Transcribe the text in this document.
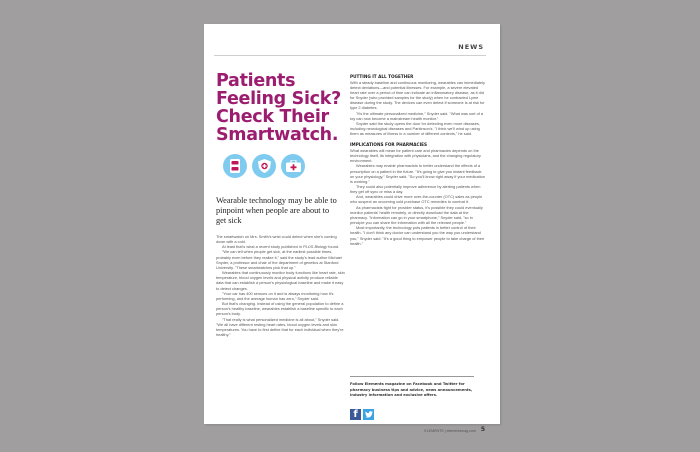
NEWS
Patients
Feeling Sick?
Check Their
Smartwatch.

Wearable technology may be able to pinpoint when people are about to get sick

The smartwatch on Mrs. Smith's wrist could detect when she's coming down with a cold.

At least that's what a recent study published in PLOS Biology found.

"We can tell when people get sick, at the earliest possible times, probably even before they realize it," said the study's lead author Michael Snyder, a professor and chair of the department of genetics at Stanford University. "These smartwatches pick that up."

Wearables that continuously monitor body functions like heart rate, skin temperature, blood oxygen levels and physical activity produce reliable data that can establish a person's physiological baseline and make it easy to detect changes.

"Your car has 400 sensors on it and is always monitoring how it's performing, and the average human has zero," Snyder said.

But that's changing. Instead of using the general population to define a person's healthy baseline, wearables establish a baseline specific to each person's body.

"That really is what personalized medicine is all about," Snyder said. "We all have different resting heart rates, blood oxygen levels and skin temperatures. You have to first define that for each individual when they're healthy."

PUTTING IT ALL TOGETHER

With a steady baseline and continuous monitoring, wearables can immediately detect deviations—and potential illnesses. For example, a severe elevated heart rate over a period of time can indicate an inflammatory disease, as it did for Snyder (who provided samples for the study) when he contracted Lyme disease during the study. The devices can even detect if someone is at risk for type 2 diabetes.

"It's the ultimate personalized medicine," Snyder said. "What was sort of a toy can now become a mainstream health monitor."

Snyder said the study opens the door for detecting even more diseases, including neurological diseases and Parkinson's. "I think we'll wind up using them as measures of illness in a number of different contexts," he said.

IMPLICATIONS FOR PHARMACIES

What wearables will mean for patient care and pharmacies depends on the technology itself, its integration with physicians, and the changing regulatory environment.

Wearables may enable pharmacists to better understand the effects of a prescription on a patient in the future. "It's going to give you instant feedback on your physiology," Snyder said. "So you'll know right away if your medication is working."

They could also potentially improve adherence by alerting patients when they get off sync or miss a day.

And, wearables could drive more over-the-counter (OTC) sales as people who suspect an oncoming cold purchase OTC remedies to combat it.

As pharmacists fight for provider status, it's possible they could eventually monitor patients' health remotely, or directly download the data at the pharmacy. "Information can go in your smartphone," Snyder said, "so in principle you can share the information with all the relevant people."

Most importantly, the technology puts patients in better control of their health. "I don't think any doctor can understand you the way you understand you," Snyder said. "It's a good thing to empower people to take charge of their health."

Follow Elements magazine on Facebook and Twitter for pharmacy business tips and advice, news announcements, industry information and exclusive offers.

f
ELEMENTS | elementsmag.com 5
